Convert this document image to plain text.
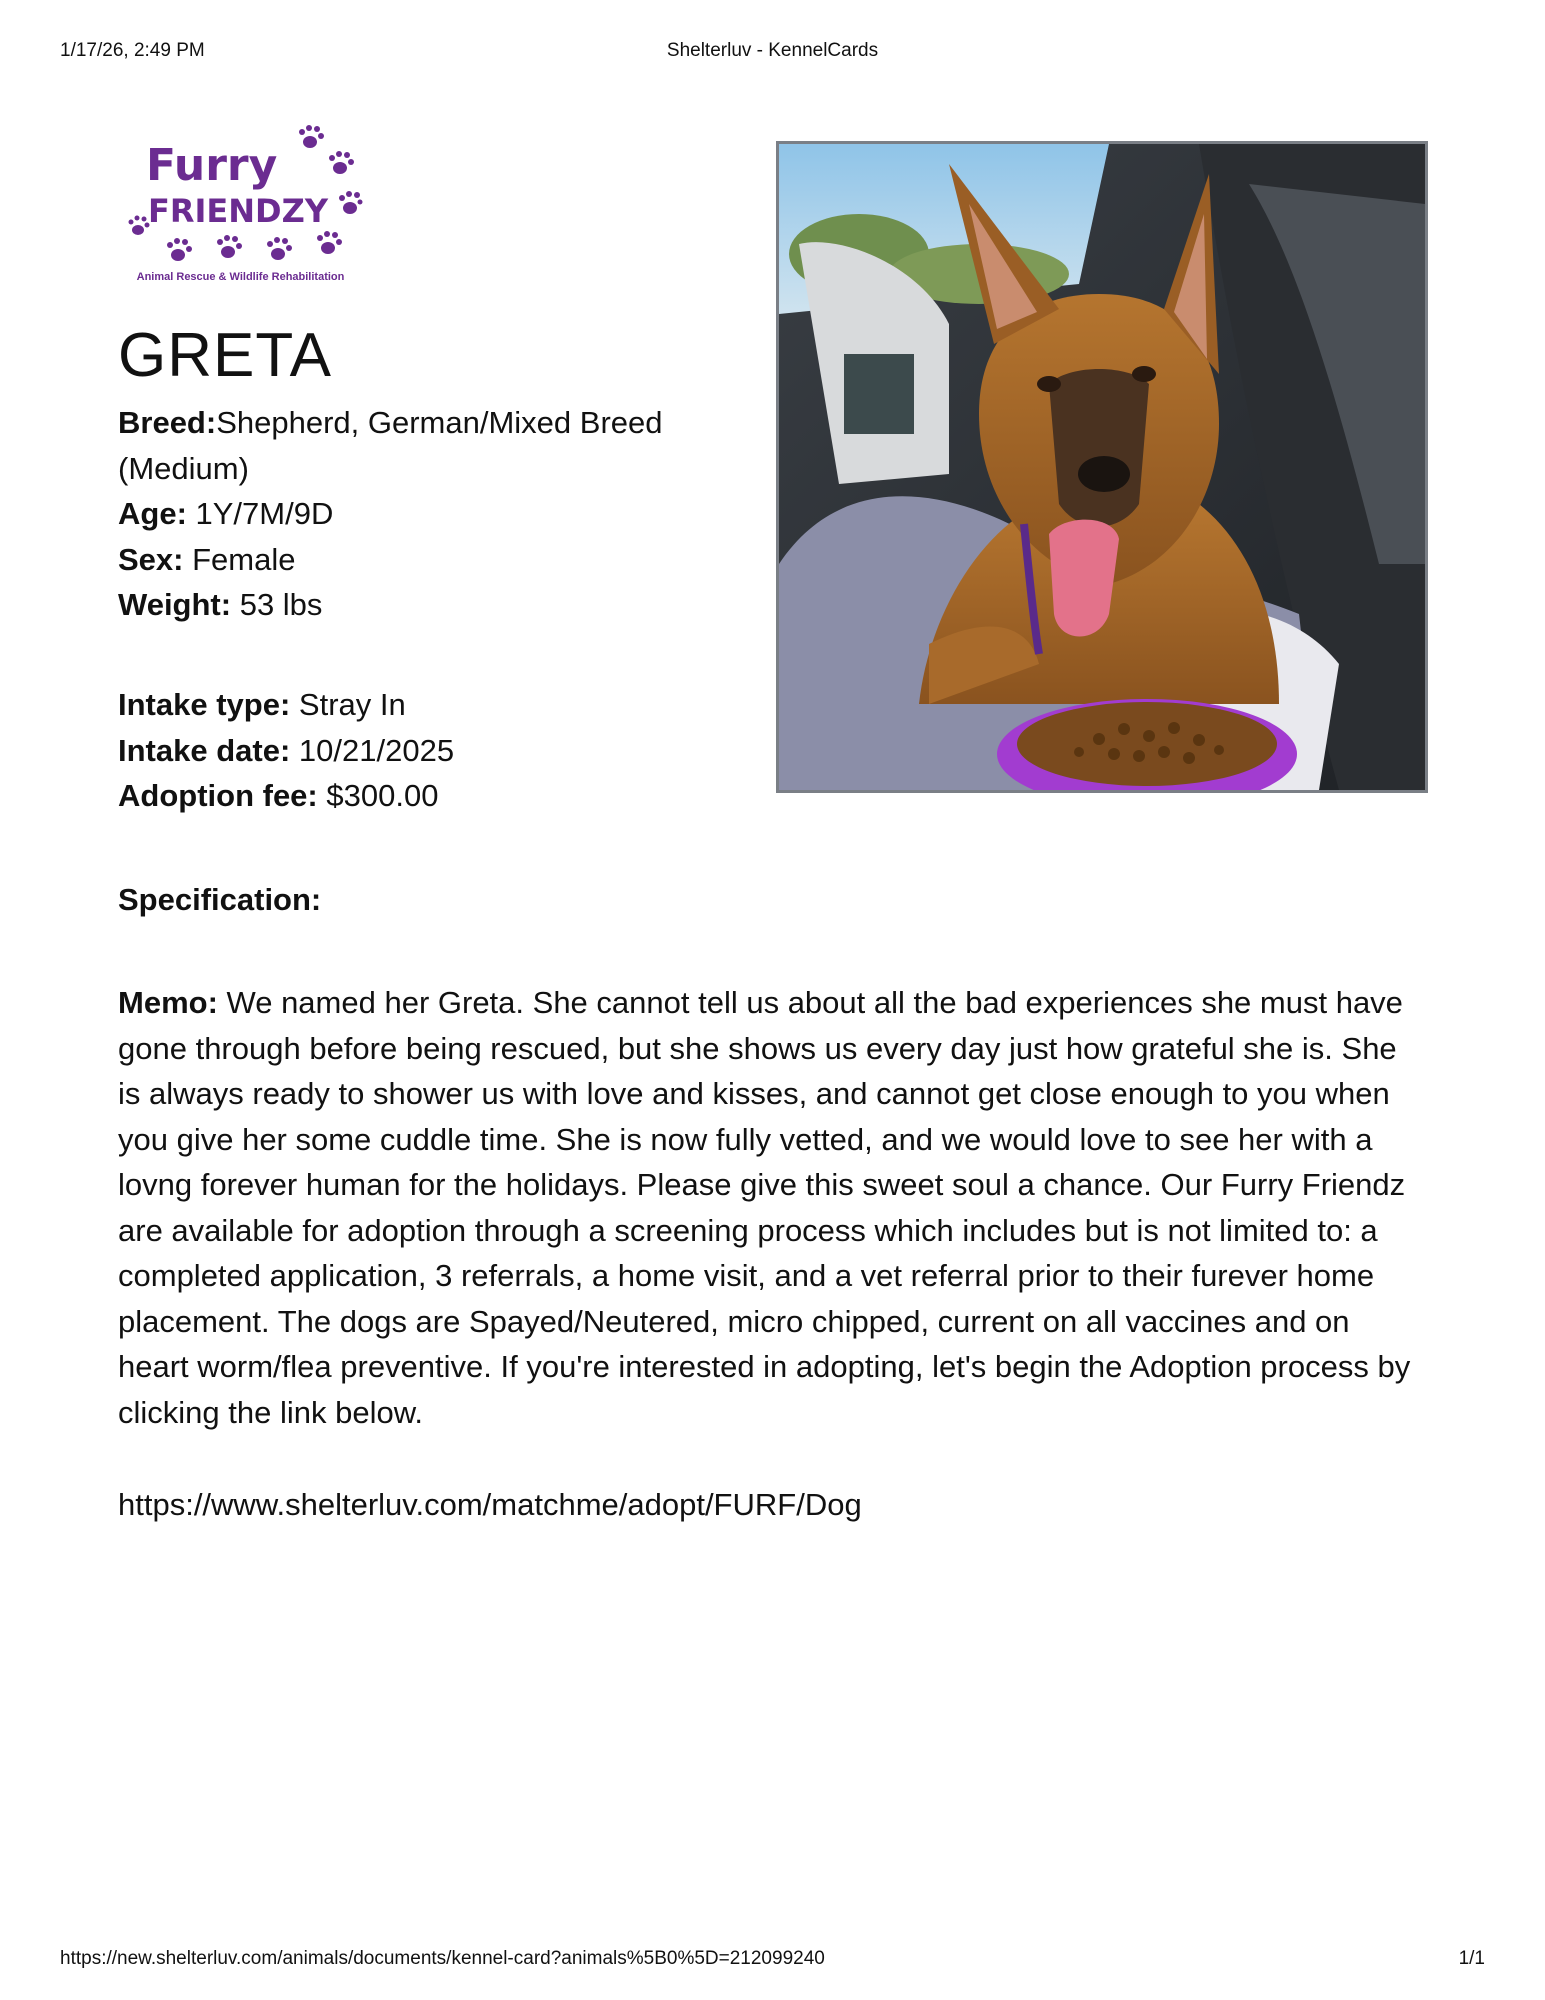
1/17/26, 2:49 PM	Shelterluv - KennelCards
Furry
FRIENDZY
Animal Rescue & Wildlife Rehabilitation
GRETA
Breed:Shepherd, German/Mixed Breed (Medium)
Age: 1Y/7M/9D
Sex: Female
Weight: 53 lbs
Intake type: Stray In
Intake date: 10/21/2025
Adoption fee: $300.00
Specification:
Memo: We named her Greta. She cannot tell us about all the bad experiences she must have gone through before being rescued, but she shows us every day just how grateful she is. She is always ready to shower us with love and kisses, and cannot get close enough to you when you give her some cuddle time. She is now fully vetted, and we would love to see her with a lovng forever human for the holidays. Please give this sweet soul a chance. Our Furry Friendz are available for adoption through a screening process which includes but is not limited to: a completed application, 3 referrals, a home visit, and a vet referral prior to their furever home placement. The dogs are Spayed/Neutered, micro chipped, current on all vaccines and on heart worm/flea preventive. If you're interested in adopting, let's begin the Adoption process by clicking the link below.
https://www.shelterluv.com/matchme/adopt/FURF/Dog
https://new.shelterluv.com/animals/documents/kennel-card?animals%5B0%5D=212099240	1/1
